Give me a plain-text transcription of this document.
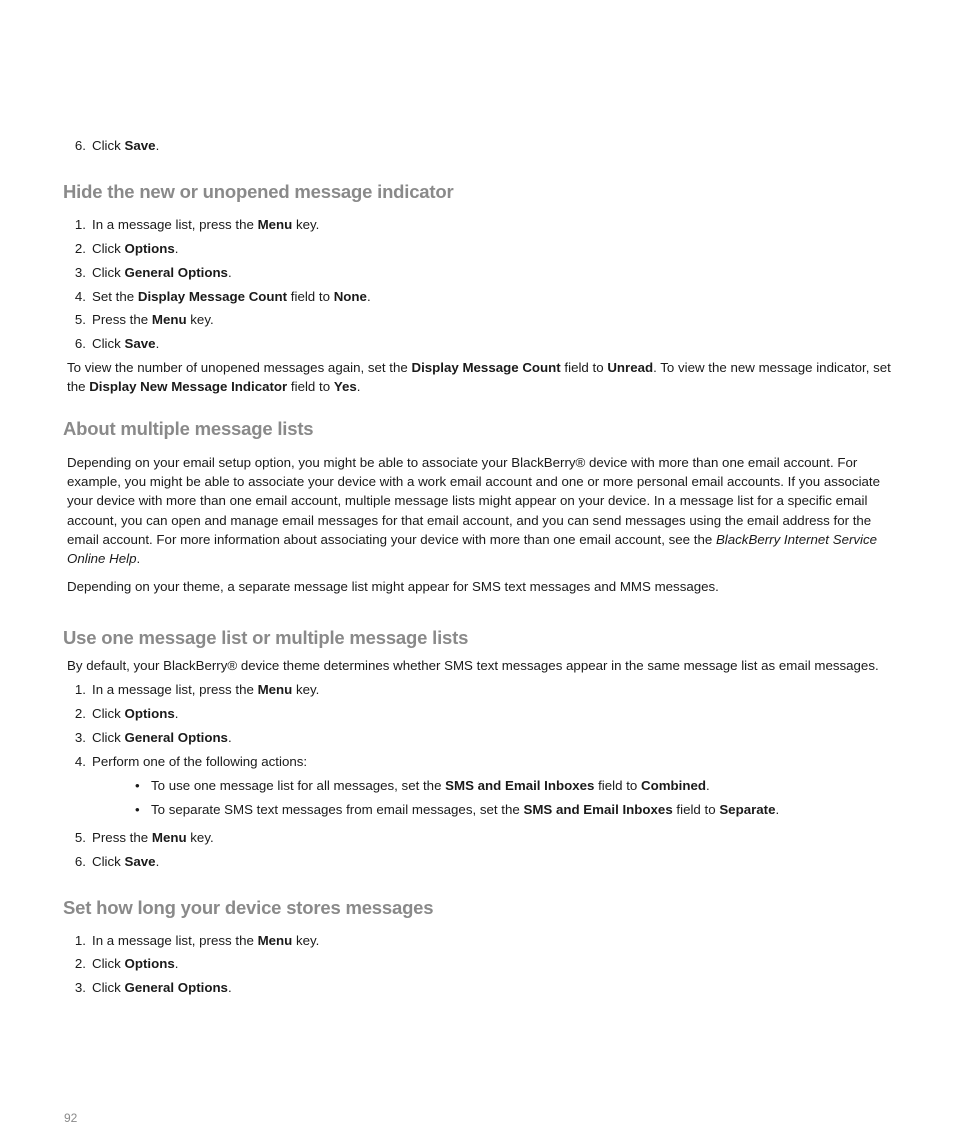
6. Click Save.
Hide the new or unopened message indicator
1. In a message list, press the Menu key.
2. Click Options.
3. Click General Options.
4. Set the Display Message Count field to None.
5. Press the Menu key.
6. Click Save.
To view the number of unopened messages again, set the Display Message Count field to Unread. To view the new message indicator, set the Display New Message Indicator field to Yes.
About multiple message lists
Depending on your email setup option, you might be able to associate your BlackBerry® device with more than one email account. For example, you might be able to associate your device with a work email account and one or more personal email accounts. If you associate your device with more than one email account, multiple message lists might appear on your device. In a message list for a specific email account, you can open and manage email messages for that email account, and you can send messages using the email address for the email account. For more information about associating your device with more than one email account, see the BlackBerry Internet Service Online Help.
Depending on your theme, a separate message list might appear for SMS text messages and MMS messages.
Use one message list or multiple message lists
By default, your BlackBerry® device theme determines whether SMS text messages appear in the same message list as email messages.
1. In a message list, press the Menu key.
2. Click Options.
3. Click General Options.
4. Perform one of the following actions:
• To use one message list for all messages, set the SMS and Email Inboxes field to Combined.
• To separate SMS text messages from email messages, set the SMS and Email Inboxes field to Separate.
5. Press the Menu key.
6. Click Save.
Set how long your device stores messages
1. In a message list, press the Menu key.
2. Click Options.
3. Click General Options.
92
